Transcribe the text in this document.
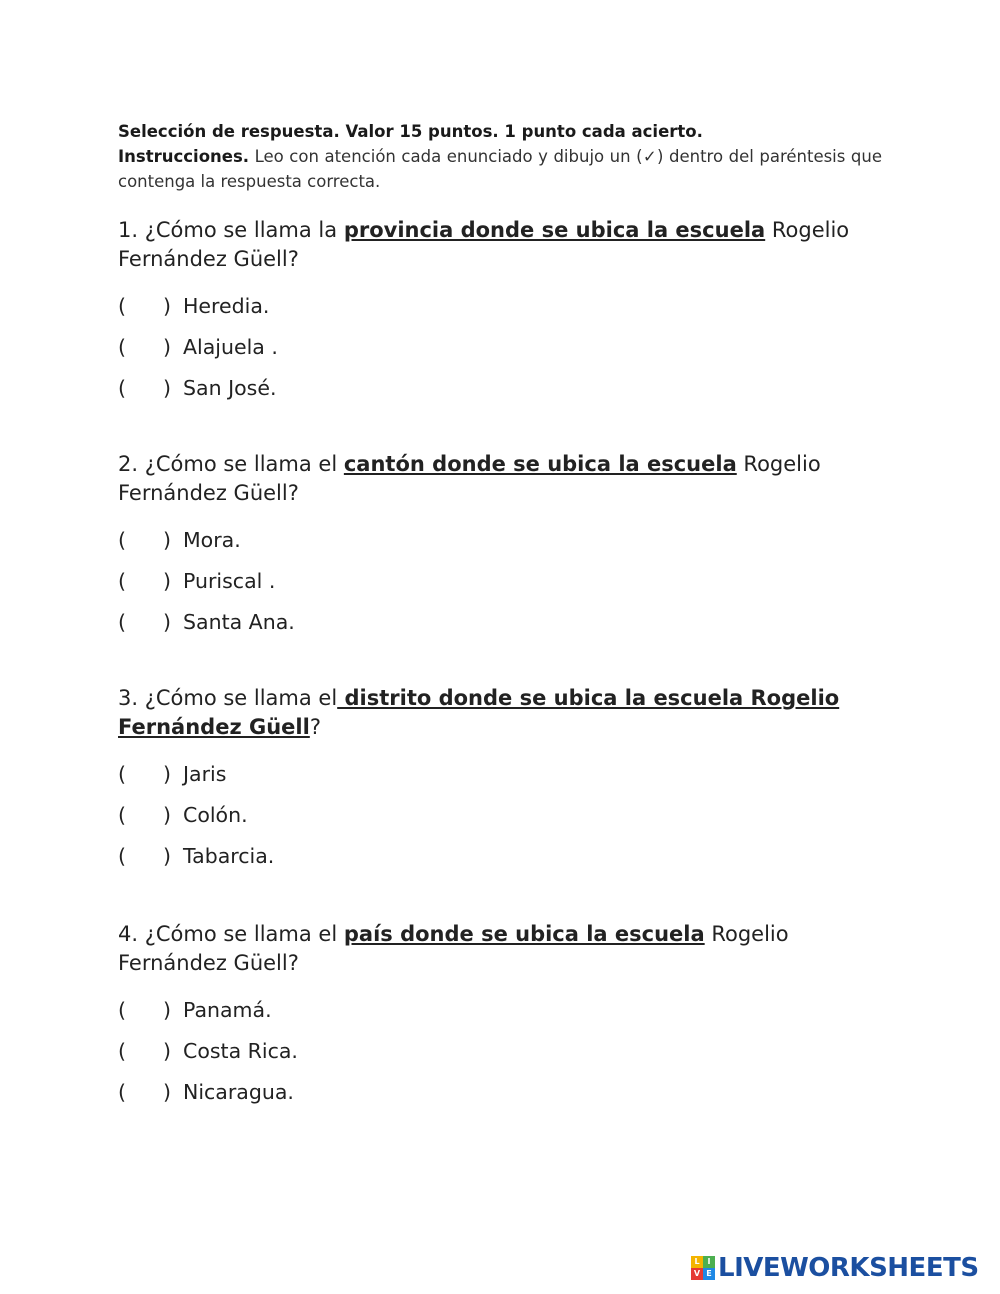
Selección de respuesta. Valor 15 puntos. 1 punto cada acierto.

Instrucciones. Leo con atención cada enunciado y dibujo un (✓) dentro del paréntesis que contenga la respuesta correcta.

1. ¿Cómo se llama la provincia donde se ubica la escuela Rogelio Fernández Güell?

(	) Heredia.
(	) Alajuela .
(	) San José.

2. ¿Cómo se llama el cantón donde se ubica la escuela Rogelio Fernández Güell?

(	) Mora.
(	) Puriscal .
(	) Santa Ana.

3. ¿Cómo se llama el distrito donde se ubica la escuela Rogelio Fernández Güell?

(	) Jaris
(	) Colón.
(	) Tabarcia.

4. ¿Cómo se llama el país donde se ubica la escuela Rogelio Fernández Güell?

(	) Panamá.
(	) Costa Rica.
(	) Nicaragua.
L I
V E LIVEWORKSHEETS
